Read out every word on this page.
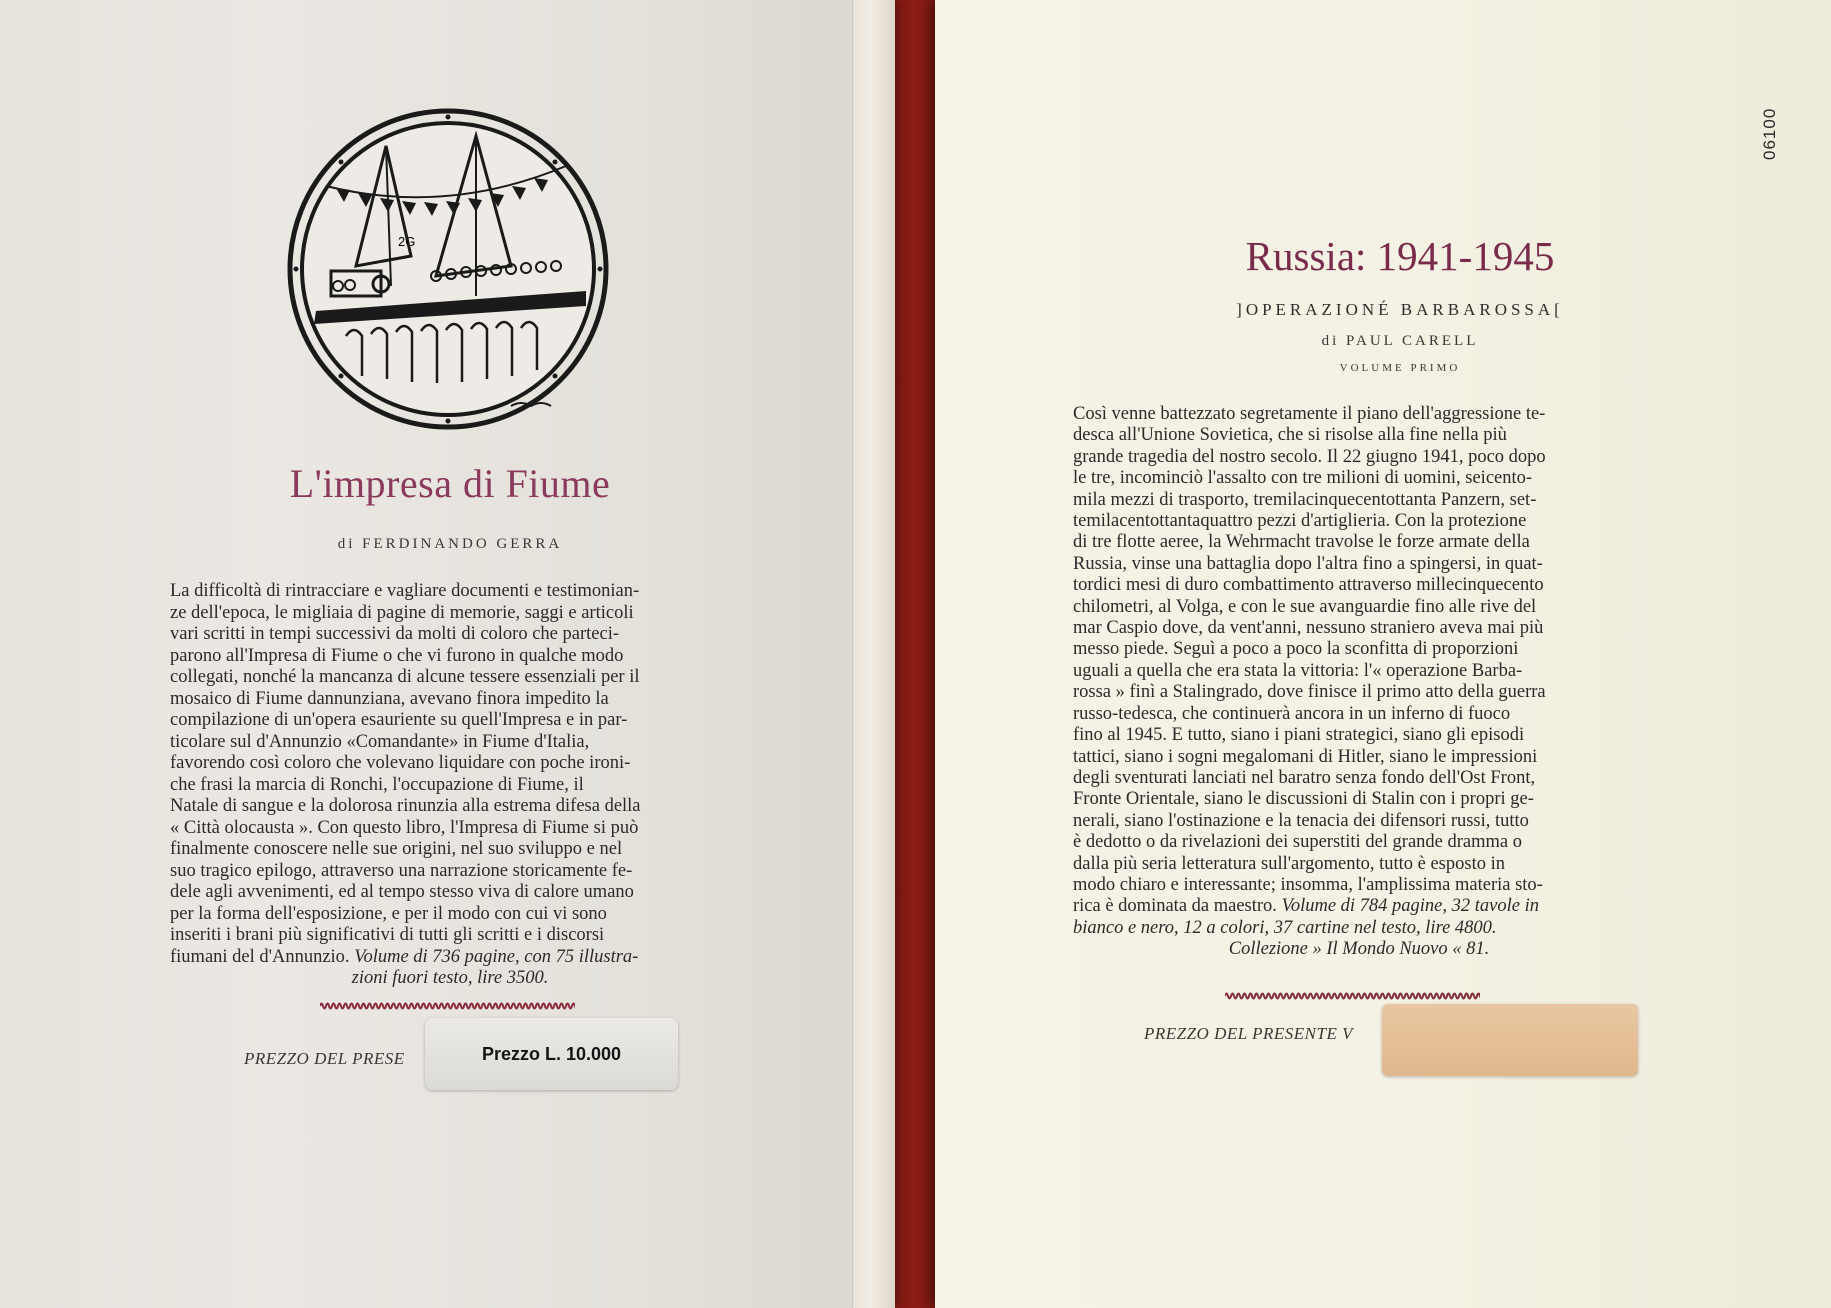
2G
L'impresa di Fiume
di FERDINANDO GERRA
La difficoltà di rintracciare e vagliare documenti e testimonian-
ze dell'epoca, le migliaia di pagine di memorie, saggi e articoli
vari scritti in tempi successivi da molti di coloro che parteci-
parono all'Impresa di Fiume o che vi furono in qualche modo
collegati, nonché la mancanza di alcune tessere essenziali per il
mosaico di Fiume dannunziana, avevano finora impedito la
compilazione di un'opera esauriente su quell'Impresa e in par-
ticolare sul d'Annunzio «Comandante» in Fiume d'Italia,
favorendo così coloro che volevano liquidare con poche ironi-
che frasi la marcia di Ronchi, l'occupazione di Fiume, il
Natale di sangue e la dolorosa rinunzia alla estrema difesa della
« Città olocausta ». Con questo libro, l'Impresa di Fiume si può
finalmente conoscere nelle sue origini, nel suo sviluppo e nel
suo tragico epilogo, attraverso una narrazione storicamente fe-
dele agli avvenimenti, ed al tempo stesso viva di calore umano
per la forma dell'esposizione, e per il modo con cui vi sono
inseriti i brani più significativi di tutti gli scritti e i discorsi
fiumani del d'Annunzio. Volume di 736 pagine, con 75 illustra-
zioni fuori testo, lire 3500.
PREZZO DEL PRESE	Prezzo L. 10.000
06100
Russia: 1941-1945
]OPERAZIONÉ BARBAROSSA[
di PAUL CARELL
VOLUME PRIMO
Così venne battezzato segretamente il piano dell'aggressione te-
desca all'Unione Sovietica, che si risolse alla fine nella più
grande tragedia del nostro secolo. Il 22 giugno 1941, poco dopo
le tre, incominciò l'assalto con tre milioni di uomini, seicento-
mila mezzi di trasporto, tremilacinquecentottanta Panzern, set-
temilacentottantaquattro pezzi d'artiglieria. Con la protezione
di tre flotte aeree, la Wehrmacht travolse le forze armate della
Russia, vinse una battaglia dopo l'altra fino a spingersi, in quat-
tordici mesi di duro combattimento attraverso millecinquecento
chilometri, al Volga, e con le sue avanguardie fino alle rive del
mar Caspio dove, da vent'anni, nessuno straniero aveva mai più
messo piede. Seguì a poco a poco la sconfitta di proporzioni
uguali a quella che era stata la vittoria: l'« operazione Barba-
rossa » finì a Stalingrado, dove finisce il primo atto della guerra
russo-tedesca, che continuerà ancora in un inferno di fuoco
fino al 1945. E tutto, siano i piani strategici, siano gli episodi
tattici, siano i sogni megalomani di Hitler, siano le impressioni
degli sventurati lanciati nel baratro senza fondo dell'Ost Front,
Fronte Orientale, siano le discussioni di Stalin con i propri ge-
nerali, siano l'ostinazione e la tenacia dei difensori russi, tutto
è dedotto o da rivelazioni dei superstiti del grande dramma o
dalla più seria letteratura sull'argomento, tutto è esposto in
modo chiaro e interessante; insomma, l'amplissima materia sto-
rica è dominata da maestro. Volume di 784 pagine, 32 tavole in
bianco e nero, 12 a colori, 37 cartine nel testo, lire 4800.
Collezione » Il Mondo Nuovo « 81.
PREZZO DEL PRESENTE V
